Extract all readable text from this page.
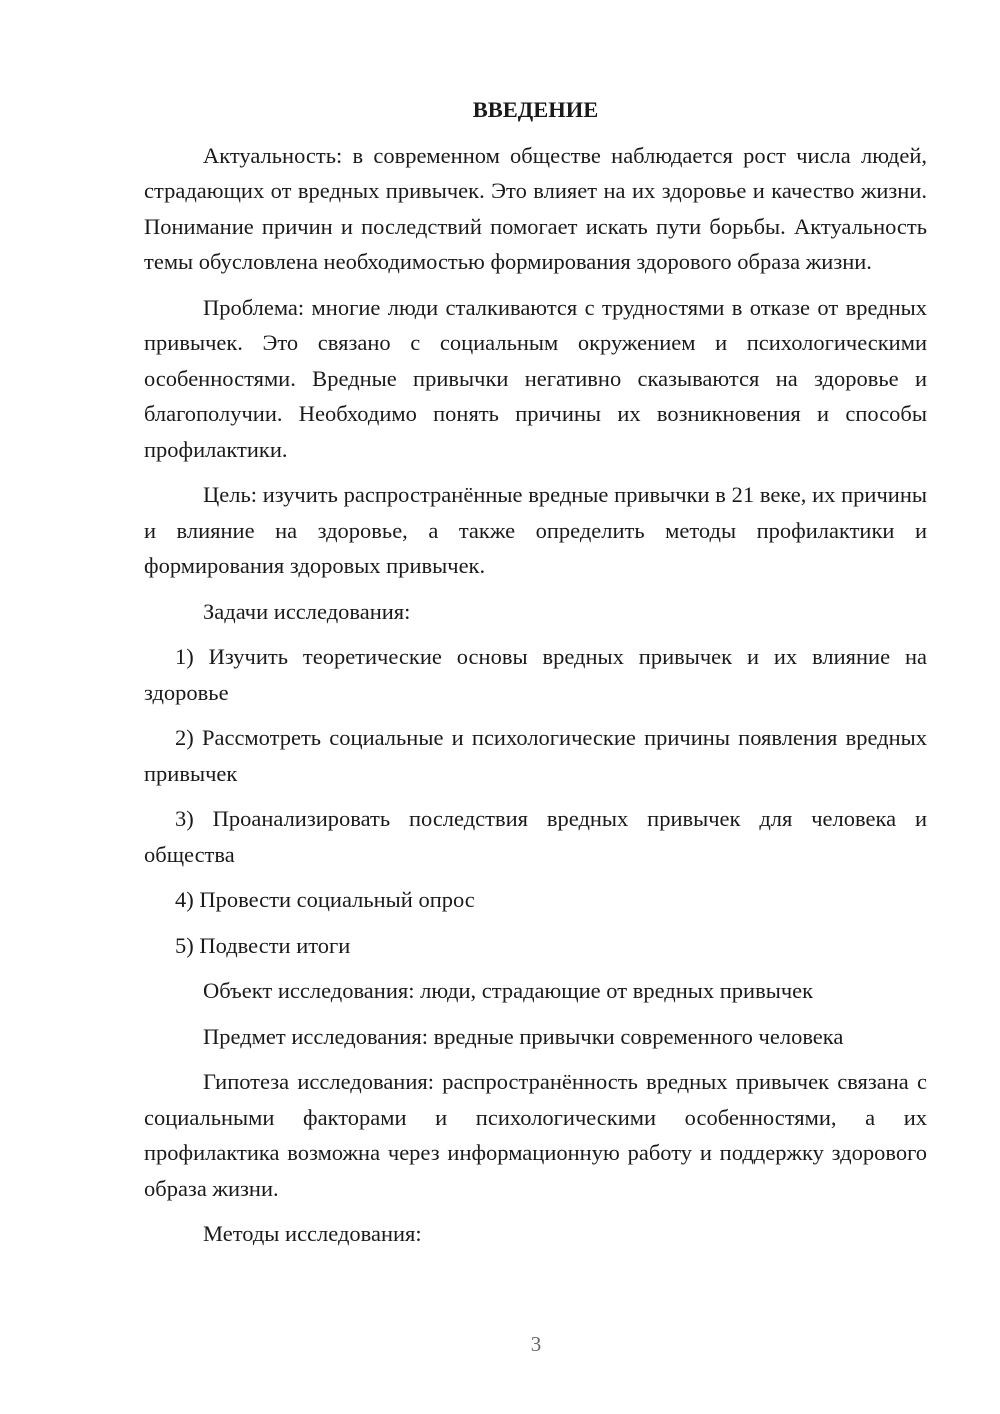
ВВЕДЕНИЕ
Актуальность: в современном обществе наблюдается рост числа людей, страдающих от вредных привычек. Это влияет на их здоровье и качество жизни. Понимание причин и последствий помогает искать пути борьбы. Актуальность темы обусловлена необходимостью формирования здорового образа жизни.
Проблема: многие люди сталкиваются с трудностями в отказе от вредных привычек. Это связано с социальным окружением и психологическими особенностями. Вредные привычки негативно сказываются на здоровье и благополучии. Необходимо понять причины их возникновения и способы профилактики.
Цель: изучить распространённые вредные привычки в 21 веке, их причины и влияние на здоровье, а также определить методы профилактики и формирования здоровых привычек.
Задачи исследования:
1) Изучить теоретические основы вредных привычек и их влияние на здоровье
2) Рассмотреть социальные и психологические причины появления вредных привычек
3) Проанализировать последствия вредных привычек для человека и общества
4) Провести социальный опрос
5) Подвести итоги
Объект исследования: люди, страдающие от вредных привычек
Предмет исследования: вредные привычки современного человека
Гипотеза исследования: распространённость вредных привычек связана с социальными факторами и психологическими особенностями, а их профилактика возможна через информационную работу и поддержку здорового образа жизни.
Методы исследования:
3
